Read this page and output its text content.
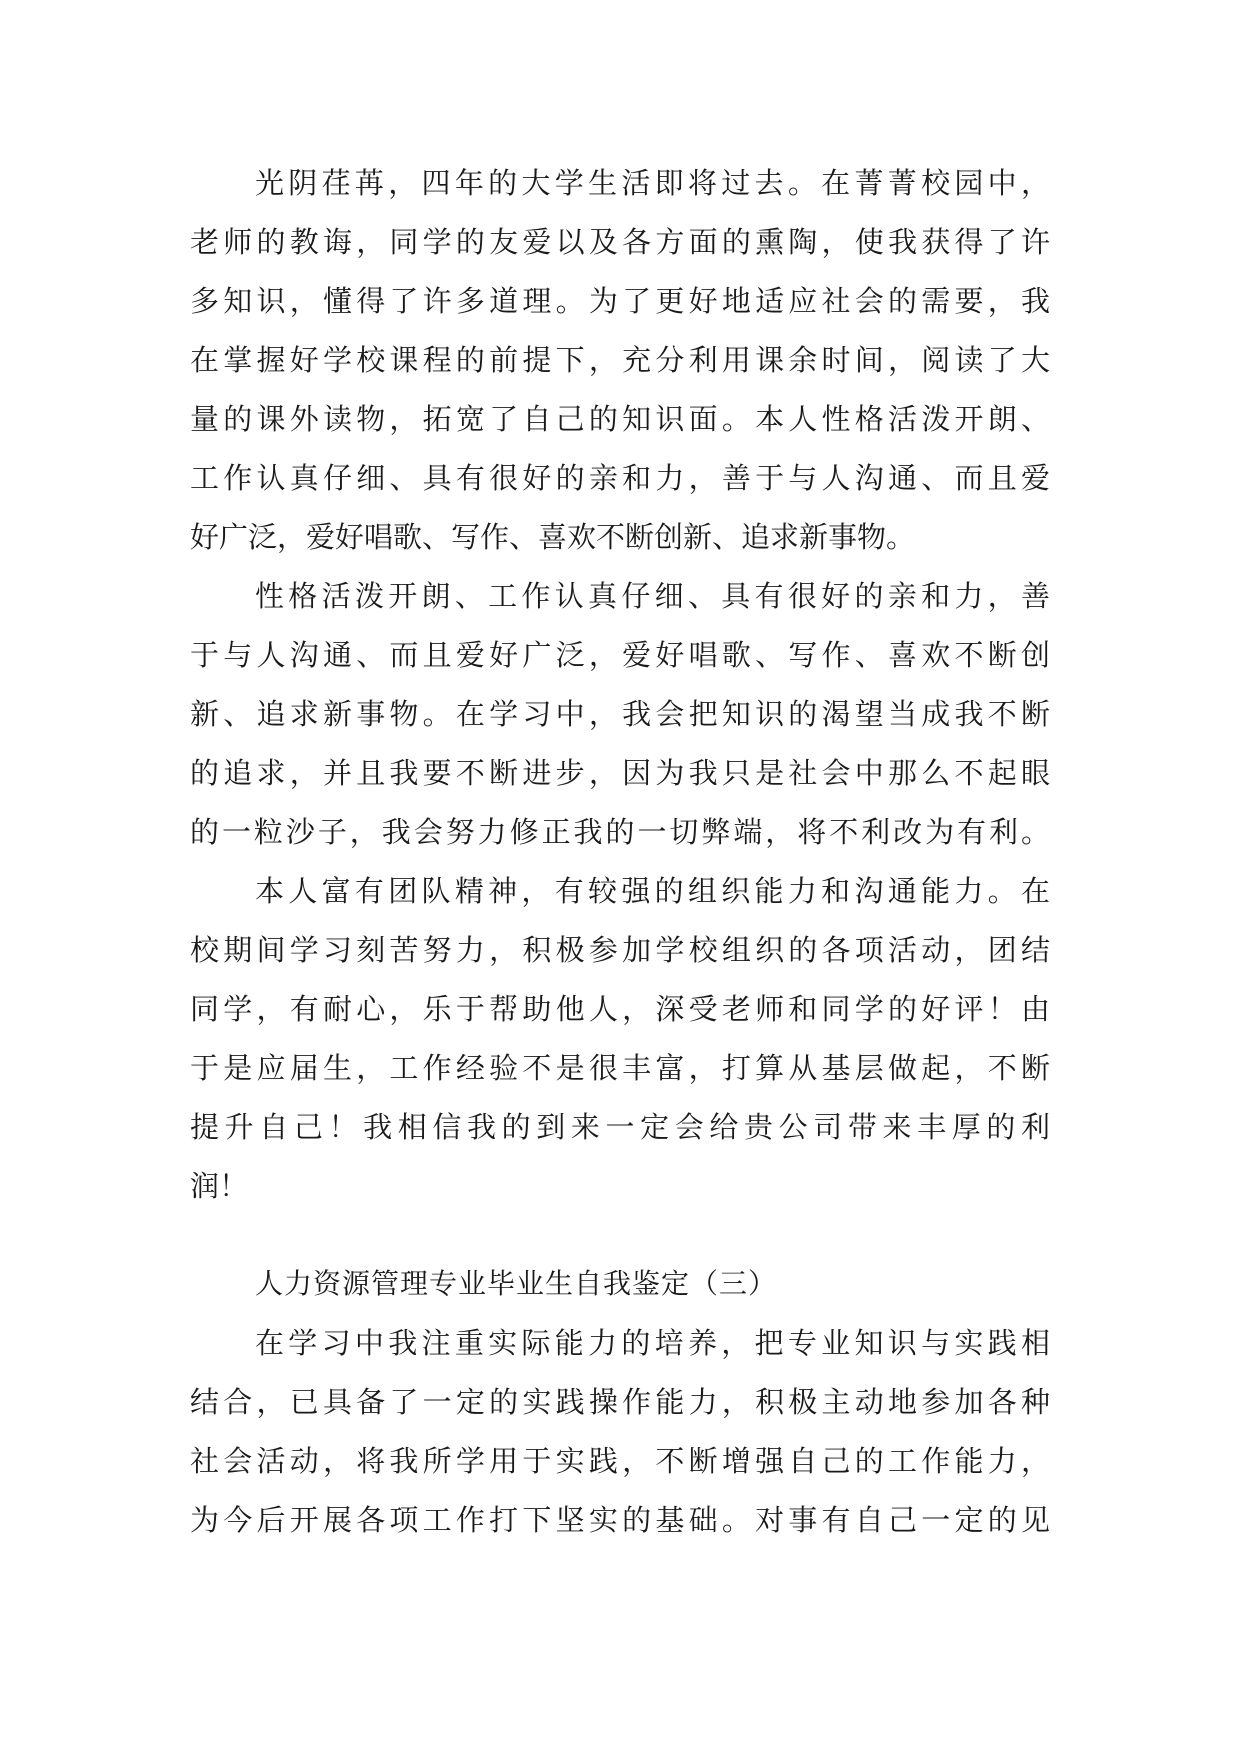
光阴荏苒，四年的大学生活即将过去。在菁菁校园中，
老师的教诲，同学的友爱以及各方面的熏陶，使我获得了许
多知识，懂得了许多道理。为了更好地适应社会的需要，我
在掌握好学校课程的前提下，充分利用课余时间，阅读了大
量的课外读物，拓宽了自己的知识面。本人性格活泼开朗、
工作认真仔细、具有很好的亲和力，善于与人沟通、而且爱
好广泛，爱好唱歌、写作、喜欢不断创新、追求新事物。
性格活泼开朗、工作认真仔细、具有很好的亲和力，善
于与人沟通、而且爱好广泛，爱好唱歌、写作、喜欢不断创
新、追求新事物。在学习中，我会把知识的渴望当成我不断
的追求，并且我要不断进步，因为我只是社会中那么不起眼
的一粒沙子，我会努力修正我的一切弊端，将不利改为有利。
本人富有团队精神，有较强的组织能力和沟通能力。在
校期间学习刻苦努力，积极参加学校组织的各项活动，团结
同学，有耐心，乐于帮助他人，深受老师和同学的好评！由
于是应届生，工作经验不是很丰富，打算从基层做起，不断
提升自己！我相信我的到来一定会给贵公司带来丰厚的利
润！
人力资源管理专业毕业生自我鉴定（三）
在学习中我注重实际能力的培养，把专业知识与实践相
结合，已具备了一定的实践操作能力，积极主动地参加各种
社会活动，将我所学用于实践，不断增强自己的工作能力，
为今后开展各项工作打下坚实的基础。对事有自己一定的见
